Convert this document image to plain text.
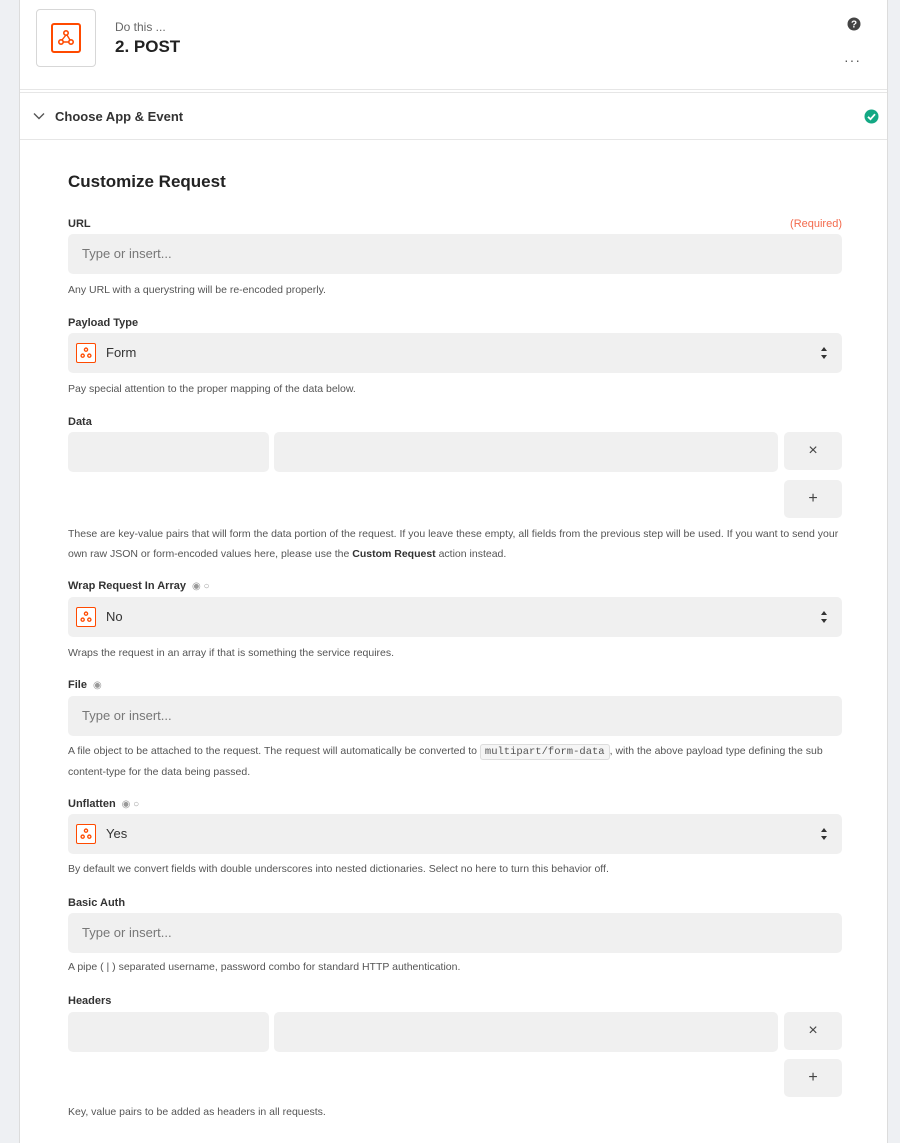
Do this ...
2. POST
?
···
Choose App & Event
Customize Request
URL	(Required)
Type or insert...
Any URL with a querystring will be re-encoded properly.
Payload Type
Form
Pay special attention to the proper mapping of the data below.
Data
×
+
These are key-value pairs that will form the data portion of the request. If you leave these empty, all fields from the previous step will be used. If you want to send your own raw JSON or form-encoded values here, please use the Custom Request action instead.
Wrap Request In Array ◉ ○
No
Wraps the request in an array if that is something the service requires.
File ◉
Type or insert...
A file object to be attached to the request. The request will automatically be converted to multipart/form-data , with the above payload type defining the sub content-type for the data being passed.
Unflatten ◉ ○
Yes
By default we convert fields with double underscores into nested dictionaries. Select no here to turn this behavior off.
Basic Auth
Type or insert...
A pipe ( | ) separated username, password combo for standard HTTP authentication.
Headers
×
+
Key, value pairs to be added as headers in all requests.
